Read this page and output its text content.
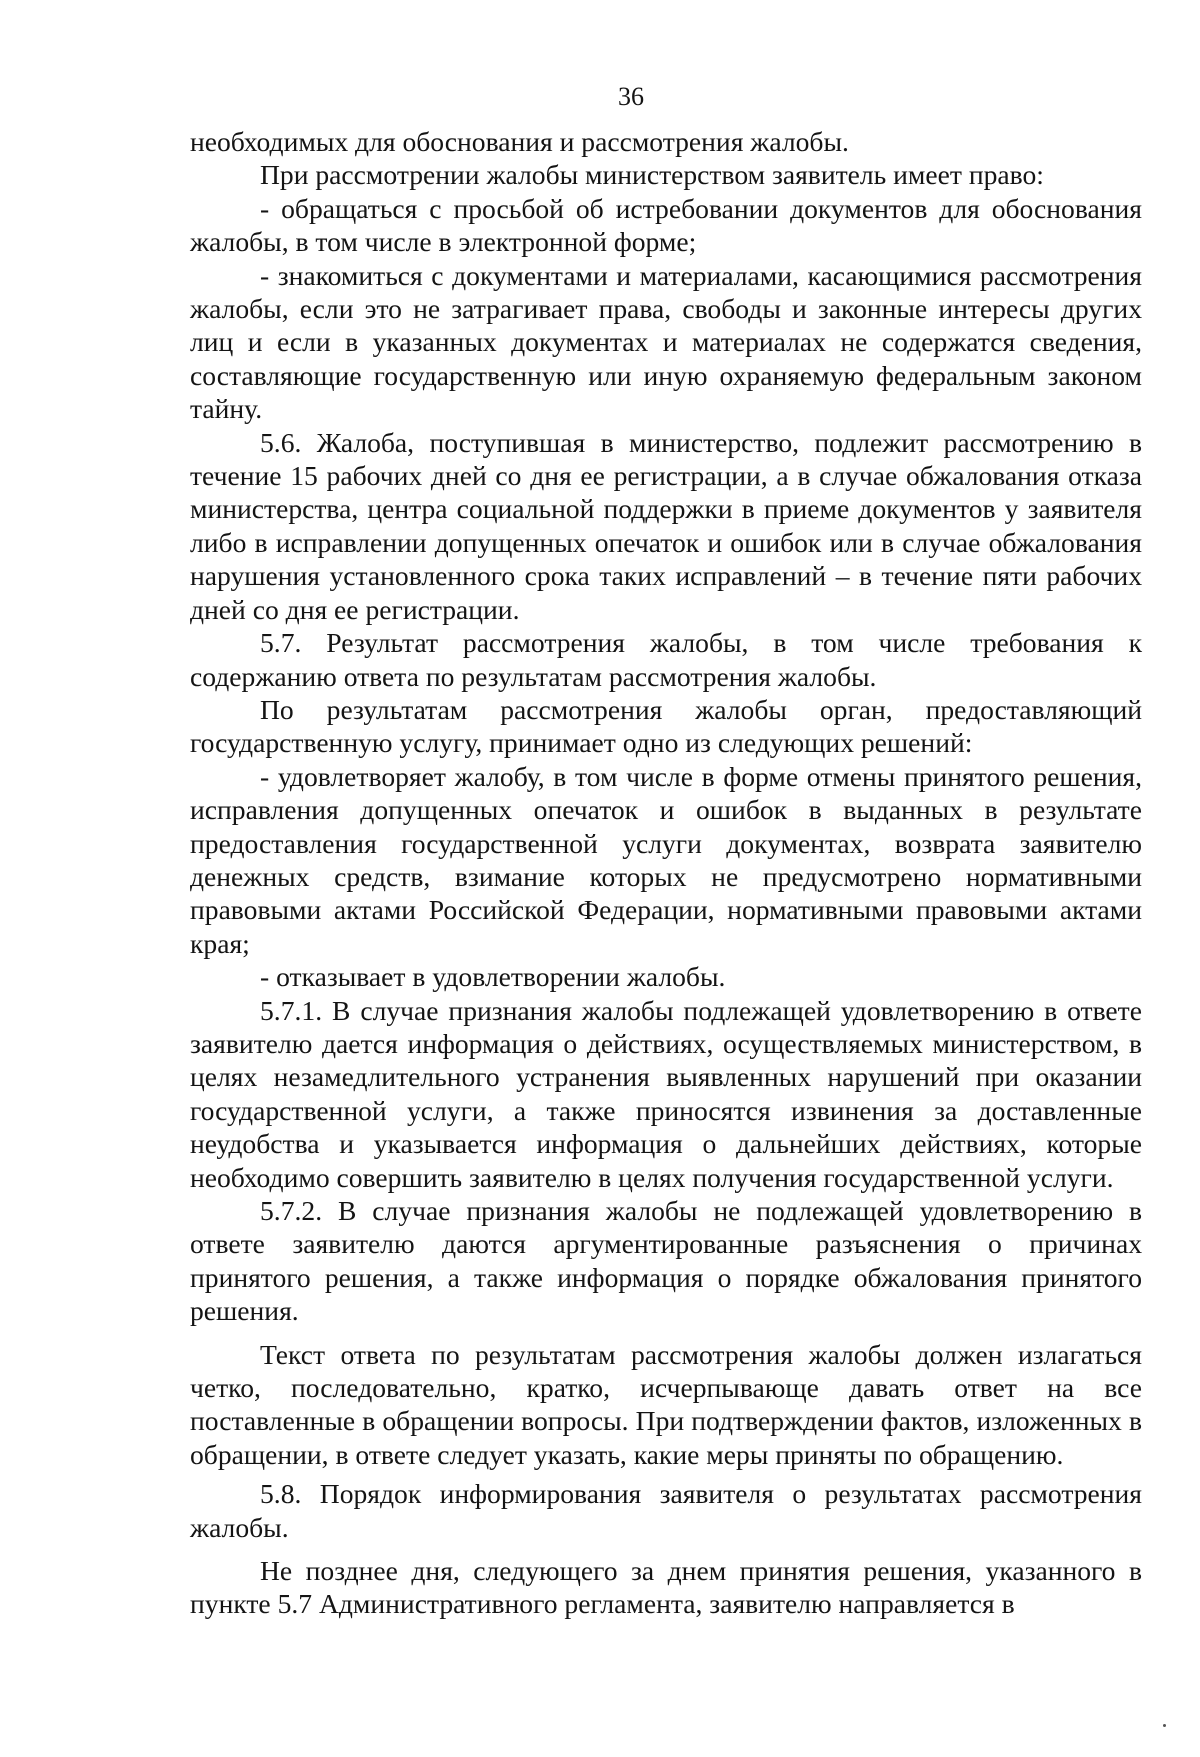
36

необходимых для обоснования и рассмотрения жалобы.

При рассмотрении жалобы министерством заявитель имеет право:

- обращаться с просьбой об истребовании документов для обоснования жалобы, в том числе в электронной форме;

- знакомиться с документами и материалами, касающимися рассмотрения жалобы, если это не затрагивает права, свободы и законные интересы других лиц и если в указанных документах и материалах не содержатся сведения, составляющие государственную или иную охраняемую федеральным законом тайну.

5.6. Жалоба, поступившая в министерство, подлежит рассмотрению в течение 15 рабочих дней со дня ее регистрации, а в случае обжалования отказа министерства, центра социальной поддержки в приеме документов у заявителя либо в исправлении допущенных опечаток и ошибок или в случае обжалования нарушения установленного срока таких исправлений – в течение пяти рабочих дней со дня ее регистрации.

5.7. Результат рассмотрения жалобы, в том числе требования к содержанию ответа по результатам рассмотрения жалобы.

По результатам рассмотрения жалобы орган, предоставляющий государственную услугу, принимает одно из следующих решений:

- удовлетворяет жалобу, в том числе в форме отмены принятого решения, исправления допущенных опечаток и ошибок в выданных в результате предоставления государственной услуги документах, возврата заявителю денежных средств, взимание которых не предусмотрено нормативными правовыми актами Российской Федерации, нормативными правовыми актами края;

- отказывает в удовлетворении жалобы.

5.7.1. В случае признания жалобы подлежащей удовлетворению в ответе заявителю дается информация о действиях, осуществляемых министерством, в целях незамедлительного устранения выявленных нарушений при оказании государственной услуги, а также приносятся извинения за доставленные неудобства и указывается информация о дальнейших действиях, которые необходимо совершить заявителю в целях получения государственной услуги.

5.7.2. В случае признания жалобы не подлежащей удовлетворению в ответе заявителю даются аргументированные разъяснения о причинах принятого решения, а также информация о порядке обжалования принятого решения.

Текст ответа по результатам рассмотрения жалобы должен излагаться четко, последовательно, кратко, исчерпывающе давать ответ на все поставленные в обращении вопросы. При подтверждении фактов, изложенных в обращении, в ответе следует указать, какие меры приняты по обращению.

5.8. Порядок информирования заявителя о результатах рассмотрения жалобы.

Не позднее дня, следующего за днем принятия решения, указанного в пункте 5.7 Административного регламента, заявителю направляется в
